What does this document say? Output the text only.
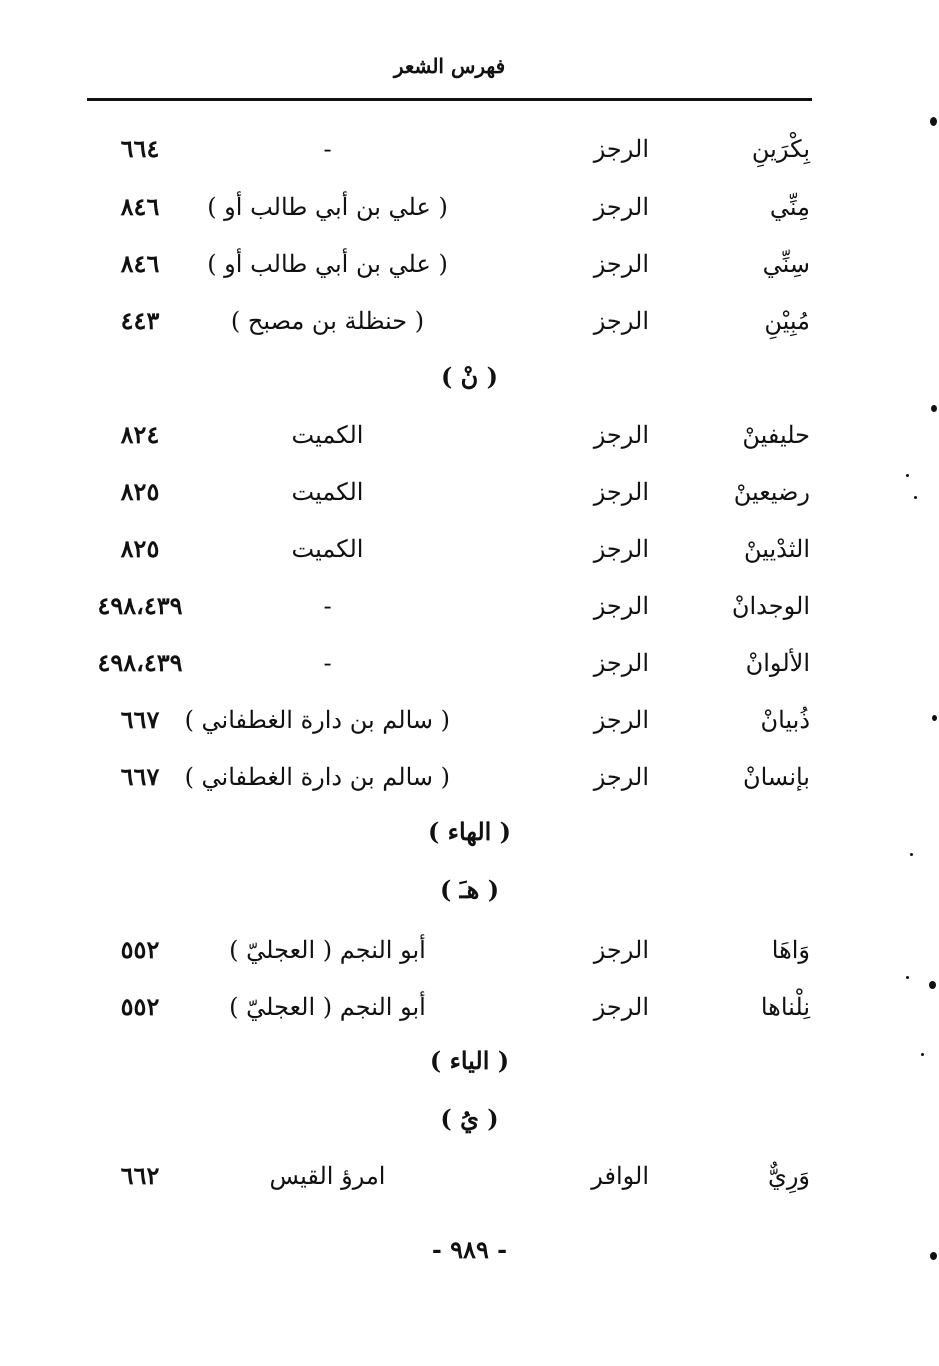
فهرس الشعر
بِكْرَينِ
الرجز
-
٦٦٤
مِنِّي
الرجز
( علي بن أبي طالب أو )
٨٤٦
سِنِّي
الرجز
( علي بن أبي طالب أو )
٨٤٦
مُبِيْنِ
الرجز
( حنظلة بن مصبح )
٤٤٣
( نْ )
حليفينْ
الرجز
الكميت
٨٢٤
رضيعينْ
الرجز
الكميت
٨٢٥
الثدْيينْ
الرجز
الكميت
٨٢٥
الوجدانْ
الرجز
-
٤٩٨،٤٣٩
الألوانْ
الرجز
-
٤٩٨،٤٣٩
ذُبيانْ
الرجز
( سالم بن دارة الغطفاني )
٦٦٧
بإنسانْ
الرجز
( سالم بن دارة الغطفاني )
٦٦٧
( الهاء )
( هـَ )
وَاهَا
الرجز
أبو النجم ( العجليّ )
٥٥٢
نِلْناها
الرجز
أبو النجم ( العجليّ )
٥٥٢
( الياء )
( يُ )
وَرِيٌّ
الوافر
امرؤ القيس
٦٦٢
- ٩٨٩ -
